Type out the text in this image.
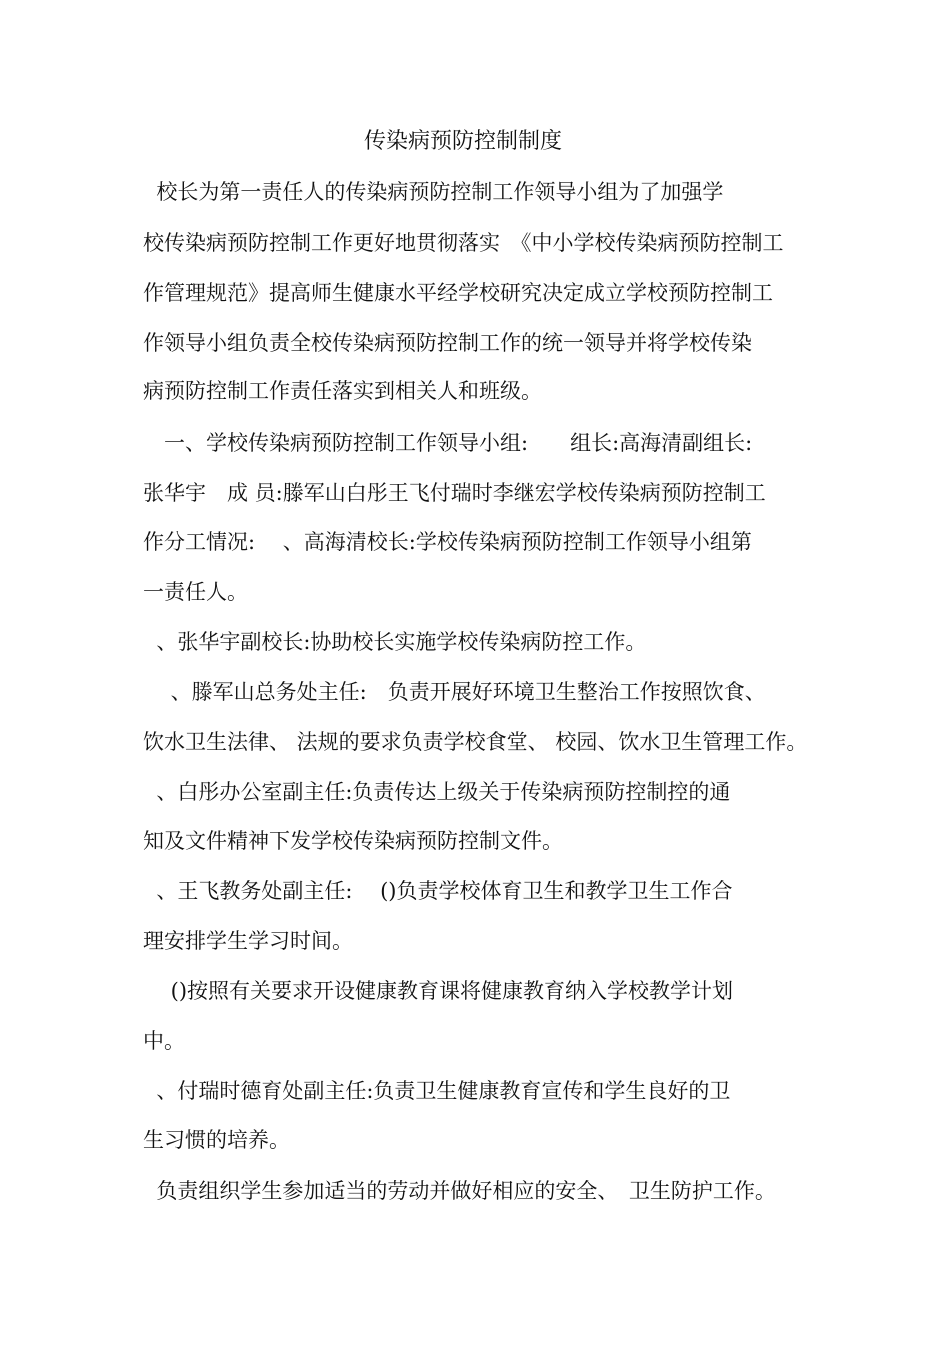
传染病预防控制制度
校长为第一责任人的传染病预防控制工作领导小组为了加强学
校传染病预防控制工作更好地贯彻落实　《中小学校传染病预防控制工
作管理规范》提高师生健康水平经学校研究决定成立学校预防控制工
作领导小组负责全校传染病预防控制工作的统一领导并将学校传染
病预防控制工作责任落实到相关人和班级。
　一、学校传染病预防控制工作领导小组:　　组长:高海清副组长:
张华宇　成 员:滕军山白彤王飞付瑞时李继宏学校传染病预防控制工
作分工情况:　 、高海清校长:学校传染病预防控制工作领导小组第
一责任人。
、张华宇副校长:协助校长实施学校传染病防控工作。
　 、滕军山总务处主任:　负责开展好环境卫生整治工作按照饮食、
饮水卫生法律、 法规的要求负责学校食堂、 校园、饮水卫生管理工作。
、白彤办公室副主任:负责传达上级关于传染病预防控制控的通
知及文件精神下发学校传染病预防控制文件。
、王飞教务处副主任:　 ()负责学校体育卫生和教学卫生工作合
理安排学生学习时间。
　 ()按照有关要求开设健康教育课将健康教育纳入学校教学计划
中。
、付瑞时德育处副主任:负责卫生健康教育宣传和学生良好的卫
生习惯的培养。
负责组织学生参加适当的劳动并做好相应的安全、　卫生防护工作。
